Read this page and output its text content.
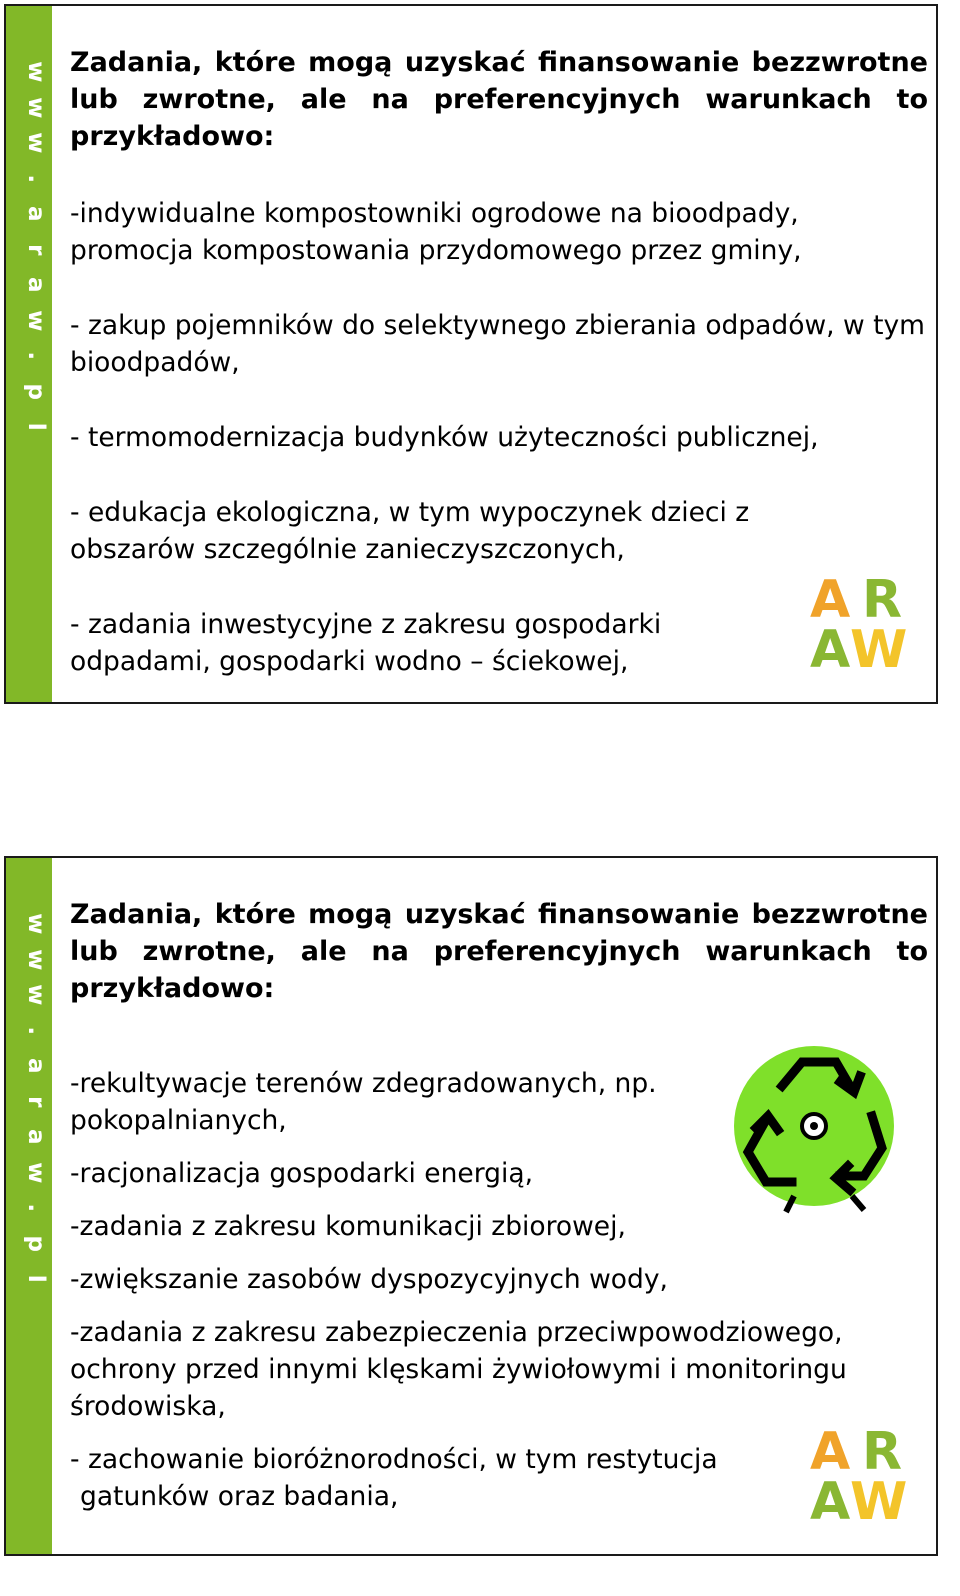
w
w
w
.
a
r
a
w
.
p
l

Zadania, które mogą uzyskać finansowanie bezzwrotne lub zwrotne, ale na preferencyjnych warunkach to przykładowo:

-indywidualne kompostowniki ogrodowe na bioodpady, promocja kompostowania przydomowego przez gminy,
- zakup pojemników do selektywnego zbierania odpadów, w tym bioodpadów,
- termomodernizacja budynków użyteczności publicznej,
- edukacja ekologiczna, w tym wypoczynek dzieci z obszarów szczególnie zanieczyszczonych,
- zadania inwestycyjne z zakresu gospodarki odpadami, gospodarki wodno – ściekowej,
A R
A W
w
w
w
.
a
r
a
w
.
p
l

Zadania, które mogą uzyskać finansowanie bezzwrotne lub zwrotne, ale na preferencyjnych warunkach to przykładowo:

-rekultywacje terenów zdegradowanych, np. pokopalnianych,
-racjonalizacja gospodarki energią,
-zadania z zakresu komunikacji zbiorowej,
-zwiększanie zasobów dyspozycyjnych wody,
-zadania z zakresu zabezpieczenia przeciwpowodziowego, ochrony przed innymi klęskami żywiołowymi i monitoringu środowiska,
- zachowanie bioróżnorodności, w tym restytucja
gatunków oraz badania,
A R
A W
